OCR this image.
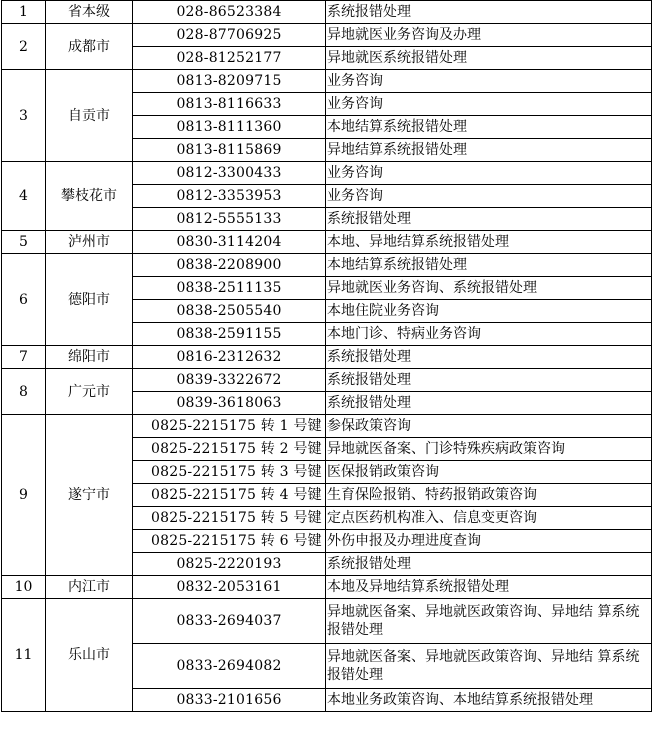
1	省本级	028-86523384	系统报错处理
2	成都市	028-87706925	异地就医业务咨询及办理
		028-81252177	异地就医系统报错处理
3	自贡市	0813-8209715	业务咨询
		0813-8116633	业务咨询
		0813-8111360	本地结算系统报错处理
		0813-8115869	异地结算系统报错处理
4	攀枝花市	0812-3300433	业务咨询
		0812-3353953	业务咨询
		0812-5555133	系统报错处理
5	泸州市	0830-3114204	本地、异地结算系统报错处理
6	德阳市	0838-2208900	本地结算系统报错处理
		0838-2511135	异地就医业务咨询、系统报错处理
		0838-2505540	本地住院业务咨询
		0838-2591155	本地门诊、特病业务咨询
7	绵阳市	0816-2312632	系统报错处理
8	广元市	0839-3322672	系统报错处理
		0839-3618063	系统报错处理
9	遂宁市	0825-2215175 转 1 号键	参保政策咨询
		0825-2215175 转 2 号键	异地就医备案、门诊特殊疾病政策咨询
		0825-2215175 转 3 号键	医保报销政策咨询
		0825-2215175 转 4 号键	生育保险报销、特药报销政策咨询
		0825-2215175 转 5 号键	定点医药机构准入、信息变更咨询
		0825-2215175 转 6 号键	外伤申报及办理进度查询
		0825-2220193	系统报错处理
10	内江市	0832-2053161	本地及异地结算系统报错处理
11	乐山市	0833-2694037	异地就医备案、异地就医政策咨询、异地结 算系统报错处理
		0833-2694082	异地就医备案、异地就医政策咨询、异地结 算系统报错处理
		0833-2101656	本地业务政策咨询、本地结算系统报错处理
